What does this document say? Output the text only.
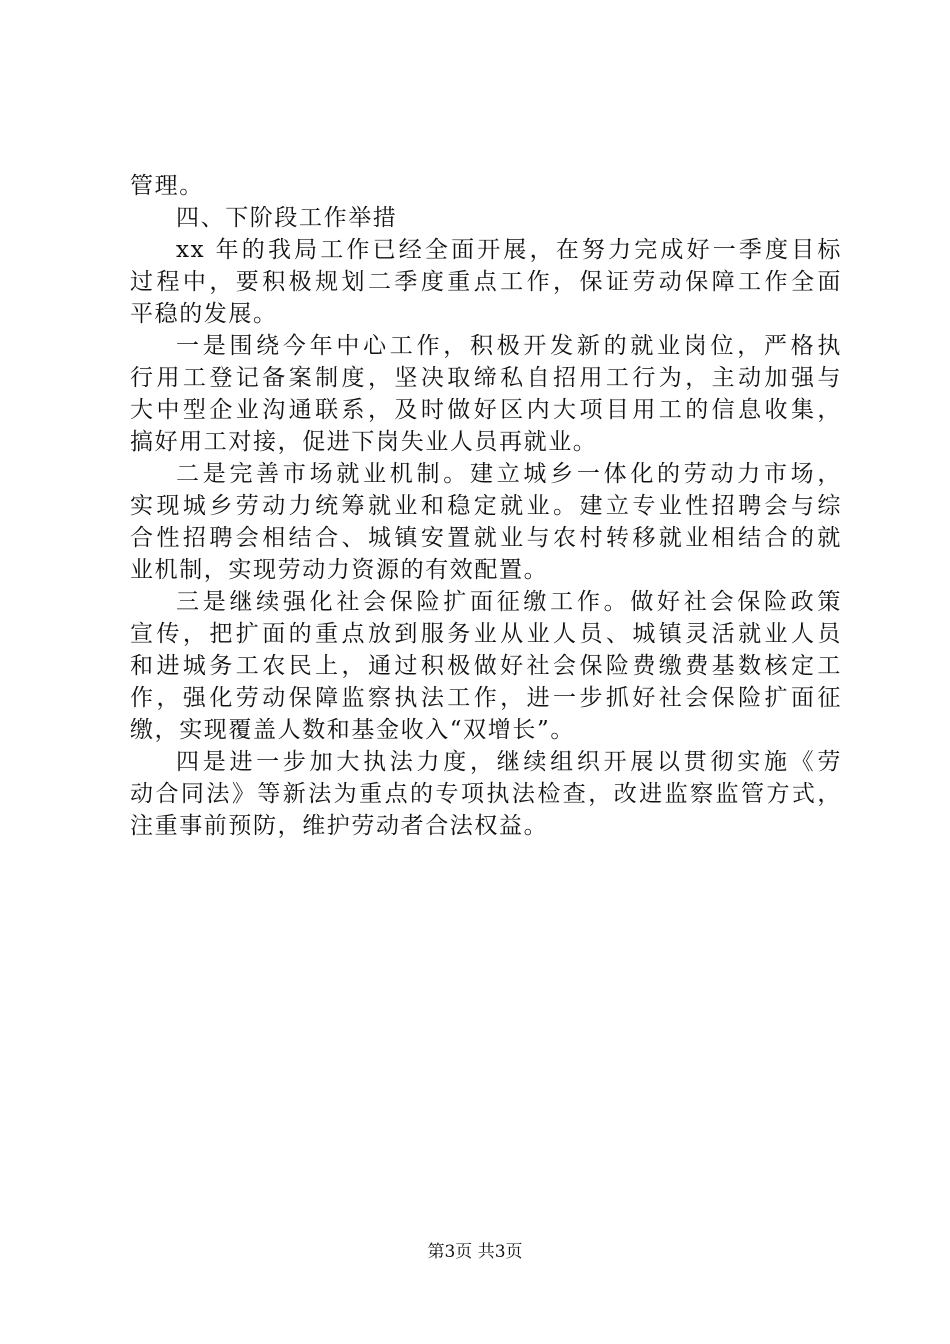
管理。
四、下阶段工作举措
xx 年的我局工作已经全面开展，在努力完成好一季度目标
过程中，要积极规划二季度重点工作，保证劳动保障工作全面
平稳的发展。
一是围绕今年中心工作，积极开发新的就业岗位，严格执
行用工登记备案制度，坚决取缔私自招用工行为，主动加强与
大中型企业沟通联系，及时做好区内大项目用工的信息收集，
搞好用工对接，促进下岗失业人员再就业。
二是完善市场就业机制。建立城乡一体化的劳动力市场，
实现城乡劳动力统筹就业和稳定就业。建立专业性招聘会与综
合性招聘会相结合、城镇安置就业与农村转移就业相结合的就
业机制，实现劳动力资源的有效配置。
三是继续强化社会保险扩面征缴工作。做好社会保险政策
宣传，把扩面的重点放到服务业从业人员、城镇灵活就业人员
和进城务工农民上，通过积极做好社会保险费缴费基数核定工
作，强化劳动保障监察执法工作，进一步抓好社会保险扩面征
缴，实现覆盖人数和基金收入“双增长”。
四是进一步加大执法力度，继续组织开展以贯彻实施《劳
动合同法》等新法为重点的专项执法检查，改进监察监管方式，
注重事前预防，维护劳动者合法权益。
第3页 共3页
